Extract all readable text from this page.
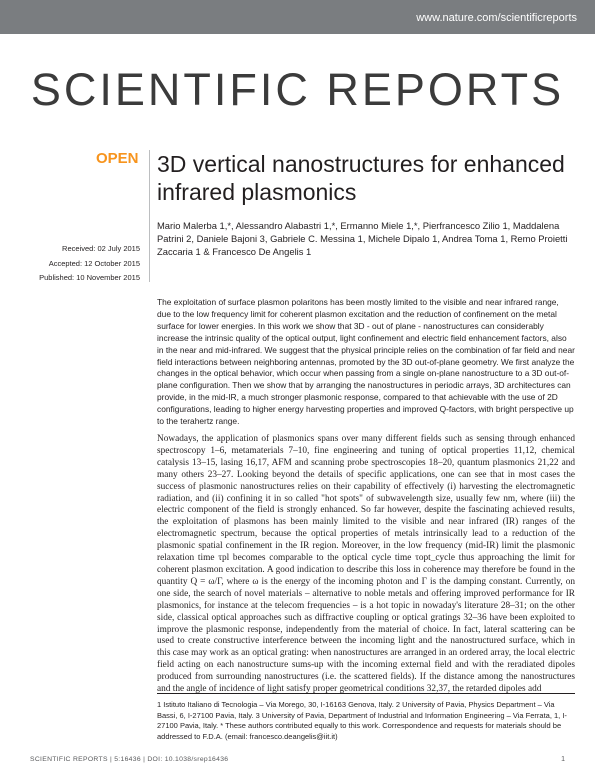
www.nature.com/scientificreports
SCIENTIFIC REPORTS
OPEN 3D vertical nanostructures for enhanced infrared plasmonics
Mario Malerba 1,*, Alessandro Alabastri 1,*, Ermanno Miele 1,*, Pierfrancesco Zilio 1, Maddalena Patrini 2, Daniele Bajoni 3, Gabriele C. Messina 1, Michele Dipalo 1, Andrea Toma 1, Remo Proietti Zaccaria 1 & Francesco De Angelis 1
Received: 02 July 2015
Accepted: 12 October 2015
Published: 10 November 2015
The exploitation of surface plasmon polaritons has been mostly limited to the visible and near infrared range, due to the low frequency limit for coherent plasmon excitation and the reduction of confinement on the metal surface for lower energies. In this work we show that 3D - out of plane - nanostructures can considerably increase the intrinsic quality of the optical output, light confinement and electric field enhancement factors, also in the near and mid-infrared. We suggest that the physical principle relies on the combination of far field and near field interactions between neighboring antennas, promoted by the 3D out-of-plane geometry. We first analyze the changes in the optical behavior, which occur when passing from a single on-plane nanostructure to a 3D out-of-plane configuration. Then we show that by arranging the nanostructures in periodic arrays, 3D architectures can provide, in the mid-IR, a much stronger plasmonic response, compared to that achievable with the use of 2D configurations, leading to higher energy harvesting properties and improved Q-factors, with bright perspective up to the terahertz range.

Nowadays, the application of plasmonics spans over many different fields such as sensing through enhanced spectroscopy 1–6, metamaterials 7–10, fine engineering and tuning of optical properties 11,12, chemical catalysis 13–15, lasing 16,17, AFM and scanning probe spectroscopies 18–20, quantum plasmonics 21,22 and many others 23–27. Looking beyond the details of specific applications, one can see that in most cases the success of plasmonic nanostructures relies on their capability of effectively (i) harvesting the electromagnetic radiation, and (ii) confining it in so called "hot spots" of subwavelength size, usually few nm, where (iii) the electric component of the field is strongly enhanced. So far however, despite the fascinating achieved results, the exploitation of plasmons has been mainly limited to the visible and near infrared (IR) ranges of the electromagnetic spectrum, because the optical properties of metals intrinsically lead to a reduction of the plasmonic spatial confinement in the IR region. Moreover, in the low frequency (mid-IR) limit the plasmonic relaxation time τpl becomes comparable to the optical cycle time τopt_cycle thus approaching the limit for coherent plasmon excitation. A good indication to describe this loss in coherence may therefore be found in the quantity Q = ω/Γ, where ω is the energy of the incoming photon and Γ is the damping constant. Currently, on one side, the search of novel materials – alternative to noble metals and offering improved performance for IR plasmonics, for instance at the telecom frequencies – is a hot topic in nowaday's literature 28–31; on the other side, classical optical approaches such as diffractive coupling or optical gratings 32–36 have been exploited to improve the plasmonic response, independently from the material of choice. In fact, lateral scattering can be used to create constructive interference between the incoming light and the nanostructured surface, which in this case may work as an optical grating: when nanostructures are arranged in an ordered array, the local electric field acting on each nanostructure sums-up with the incoming external field and with the reradiated dipoles produced from surrounding nanostructures (i.e. the scattered fields). If the distance among the nanostructures and the angle of incidence of light satisfy proper geometrical conditions 32,37, the retarded dipoles add

1 Istituto Italiano di Tecnologia – Via Morego, 30, I-16163 Genova, Italy. 2 University of Pavia, Physics Department – Via Bassi, 6, I-27100 Pavia, Italy. 3 University of Pavia, Department of Industrial and Information Engineering – Via Ferrata, 1, I-27100 Pavia, Italy. * These authors contributed equally to this work. Correspondence and requests for materials should be addressed to F.D.A. (email: francesco.deangelis@iit.it)
SCIENTIFIC REPORTS | 5:16436 | DOI: 10.1038/srep16436	1
